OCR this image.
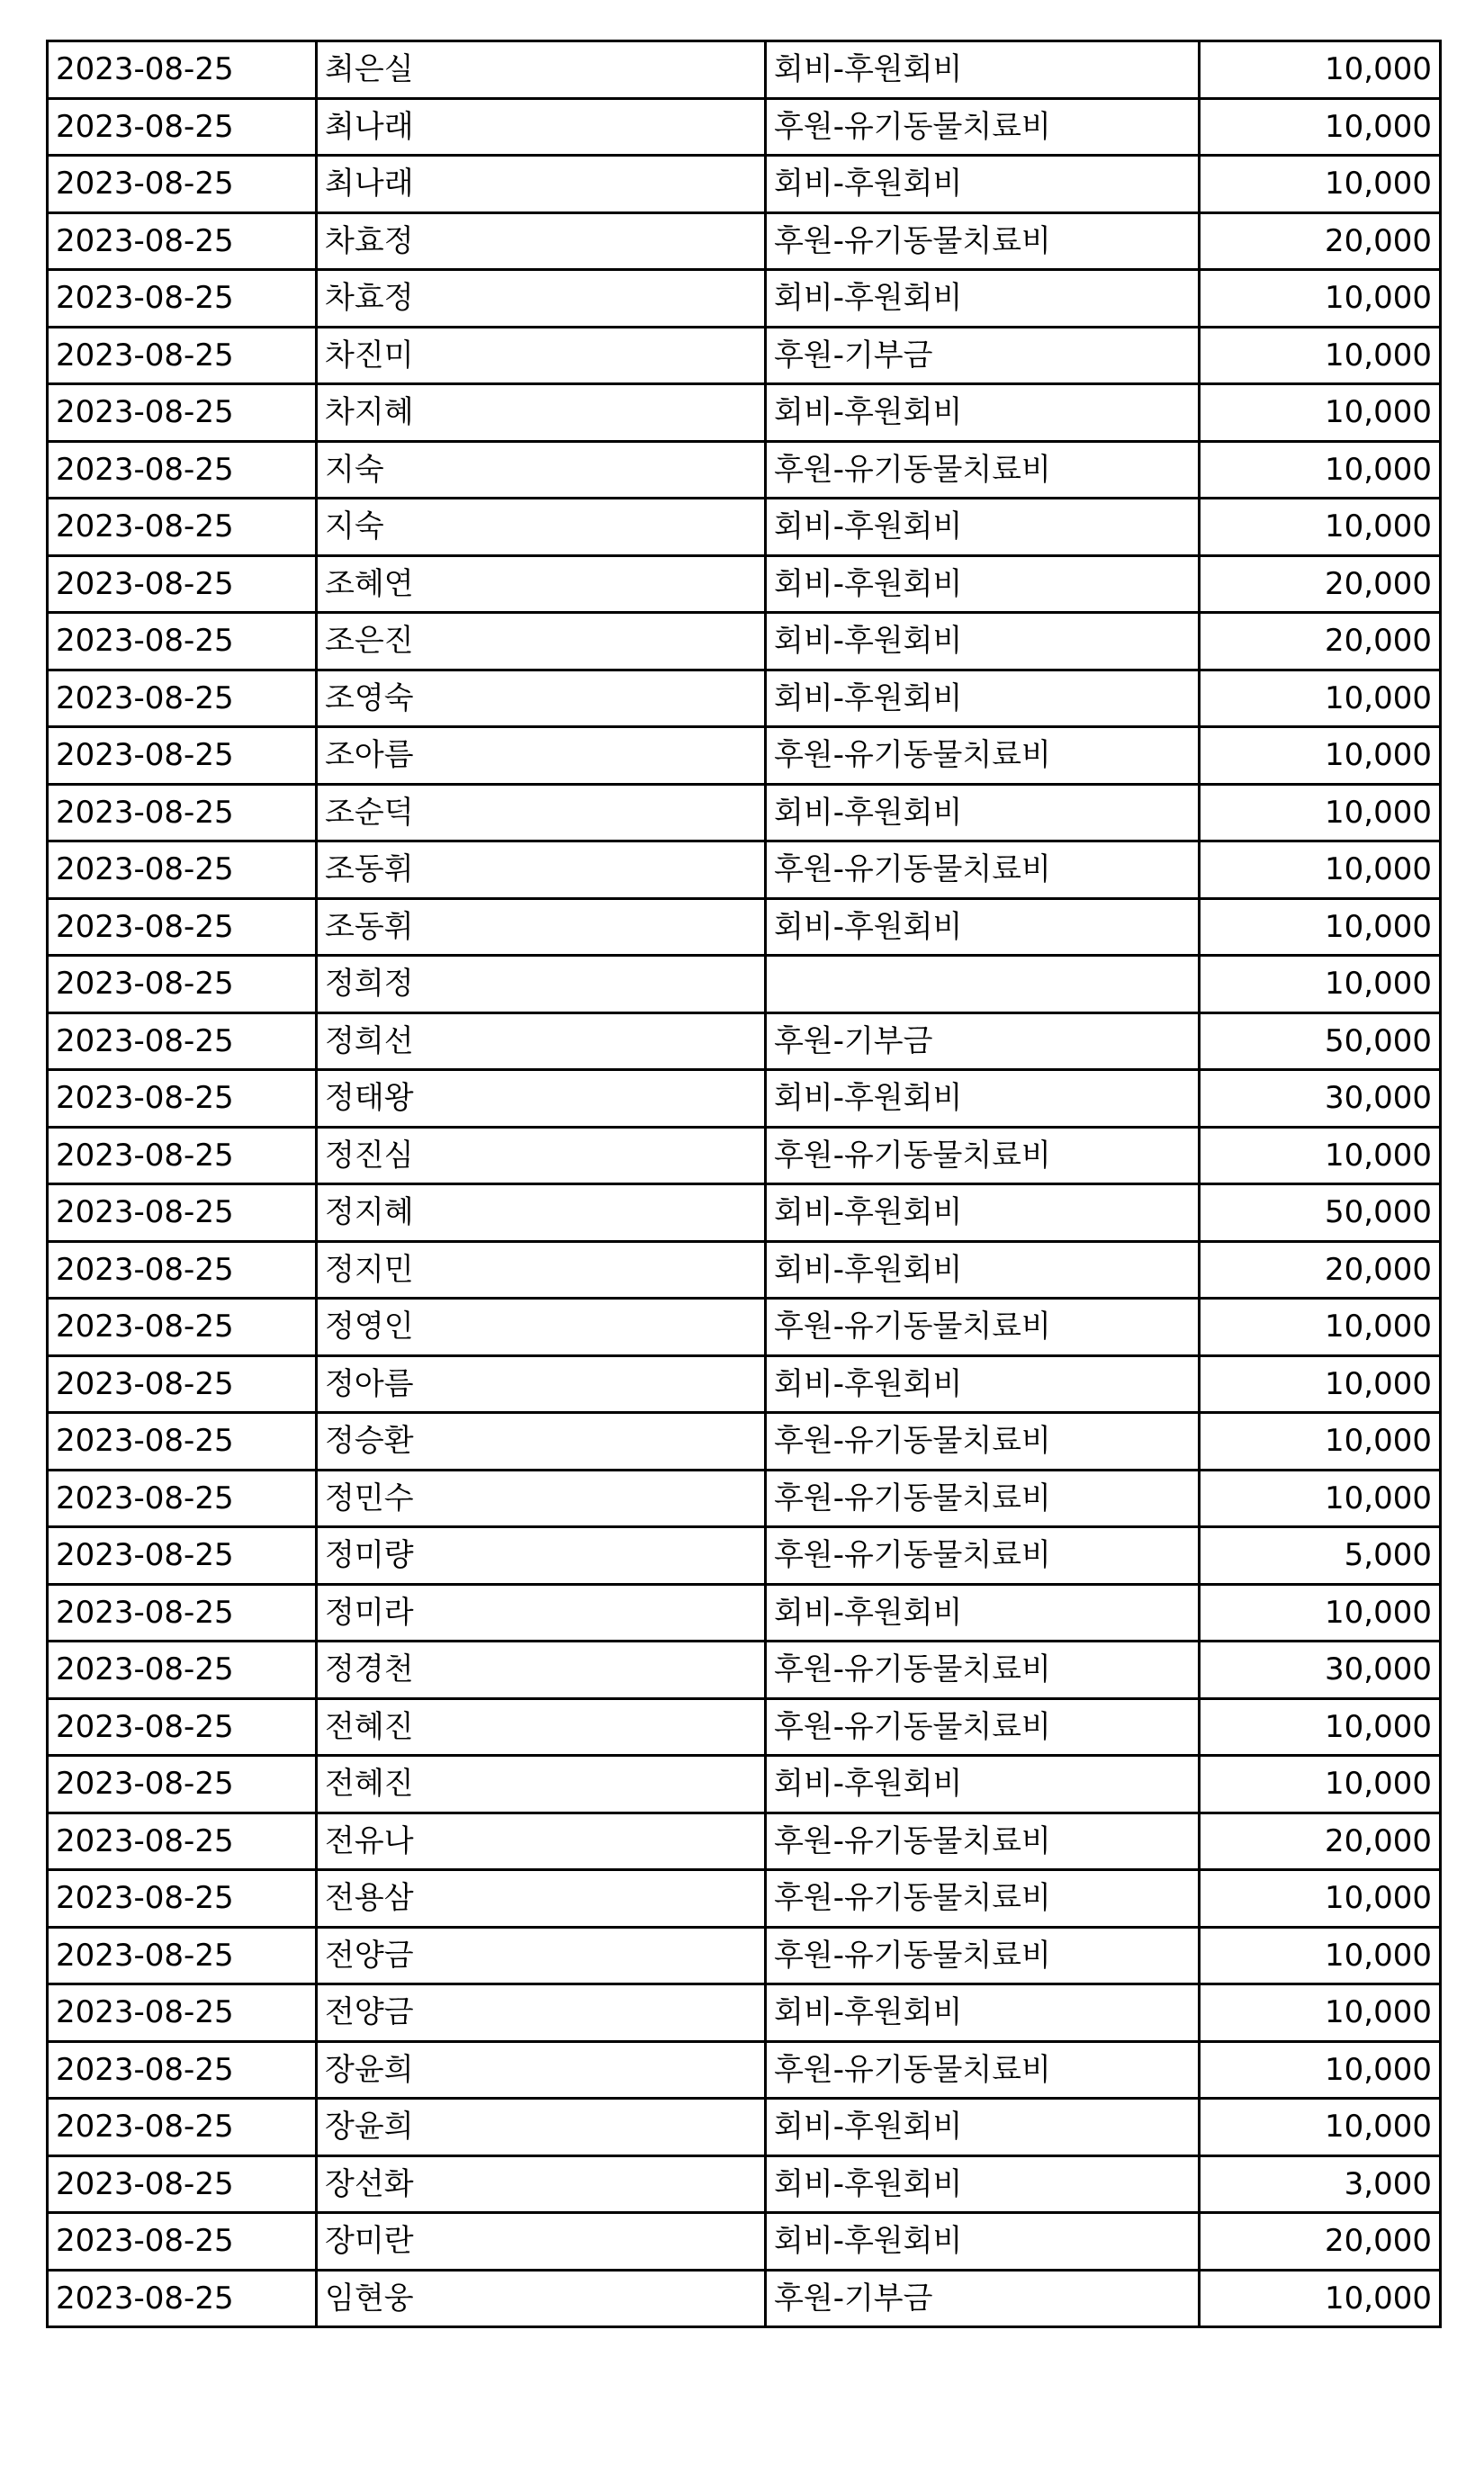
2023-08-25	최은실	회비-후원회비	10,000
2023-08-25	최나래	후원-유기동물치료비	10,000
2023-08-25	최나래	회비-후원회비	10,000
2023-08-25	차효정	후원-유기동물치료비	20,000
2023-08-25	차효정	회비-후원회비	10,000
2023-08-25	차진미	후원-기부금	10,000
2023-08-25	차지혜	회비-후원회비	10,000
2023-08-25	지숙	후원-유기동물치료비	10,000
2023-08-25	지숙	회비-후원회비	10,000
2023-08-25	조혜연	회비-후원회비	20,000
2023-08-25	조은진	회비-후원회비	20,000
2023-08-25	조영숙	회비-후원회비	10,000
2023-08-25	조아름	후원-유기동물치료비	10,000
2023-08-25	조순덕	회비-후원회비	10,000
2023-08-25	조동휘	후원-유기동물치료비	10,000
2023-08-25	조동휘	회비-후원회비	10,000
2023-08-25	정희정		10,000
2023-08-25	정희선	후원-기부금	50,000
2023-08-25	정태왕	회비-후원회비	30,000
2023-08-25	정진심	후원-유기동물치료비	10,000
2023-08-25	정지혜	회비-후원회비	50,000
2023-08-25	정지민	회비-후원회비	20,000
2023-08-25	정영인	후원-유기동물치료비	10,000
2023-08-25	정아름	회비-후원회비	10,000
2023-08-25	정승환	후원-유기동물치료비	10,000
2023-08-25	정민수	후원-유기동물치료비	10,000
2023-08-25	정미량	후원-유기동물치료비	5,000
2023-08-25	정미라	회비-후원회비	10,000
2023-08-25	정경천	후원-유기동물치료비	30,000
2023-08-25	전혜진	후원-유기동물치료비	10,000
2023-08-25	전혜진	회비-후원회비	10,000
2023-08-25	전유나	후원-유기동물치료비	20,000
2023-08-25	전용삼	후원-유기동물치료비	10,000
2023-08-25	전양금	후원-유기동물치료비	10,000
2023-08-25	전양금	회비-후원회비	10,000
2023-08-25	장윤희	후원-유기동물치료비	10,000
2023-08-25	장윤희	회비-후원회비	10,000
2023-08-25	장선화	회비-후원회비	3,000
2023-08-25	장미란	회비-후원회비	20,000
2023-08-25	임현웅	후원-기부금	10,000
